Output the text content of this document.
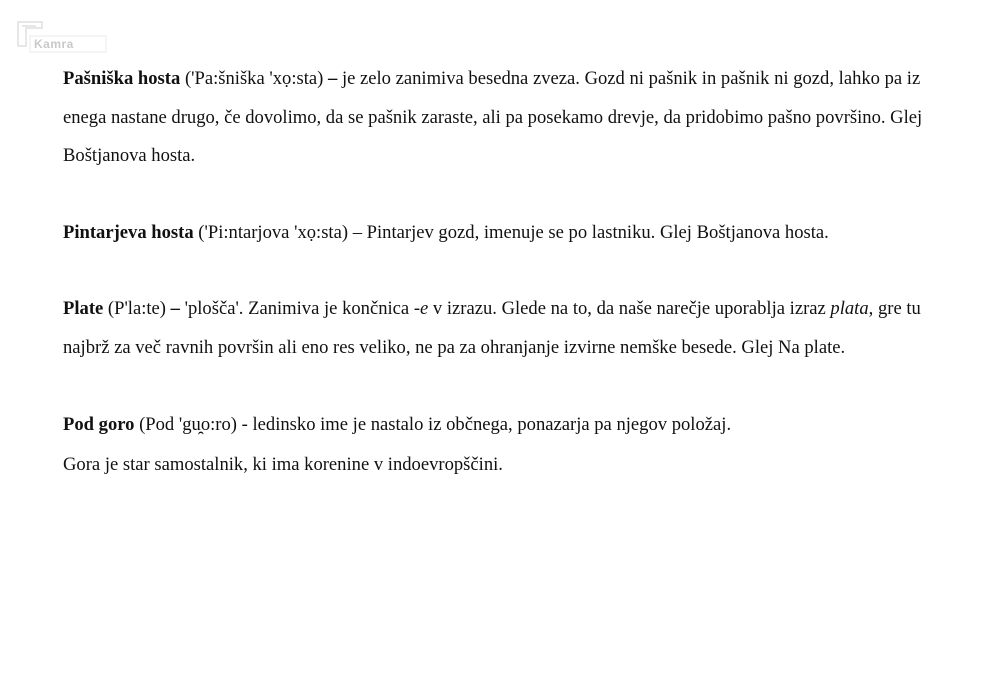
Kamra

Pašniška hosta ('Pa:šniška 'xọ:sta) – je zelo zanimiva besedna zveza. Gozd ni pašnik in pašnik ni gozd, lahko pa iz enega nastane drugo, če dovolimo, da se pašnik zaraste, ali pa posekamo drevje, da pridobimo pašno površino. Glej Boštjanova hosta.

Pintarjeva hosta ('Pi:ntarjova 'xọ:sta) – Pintarjev gozd, imenuje se po lastniku. Glej Boštjanova hosta.

Plate (P'la:te) – 'plošča'. Zanimiva je končnica -e v izrazu. Glede na to, da naše narečje uporablja izraz plata, gre tu najbrž za več ravnih površin ali eno res veliko, ne pa za ohranjanje izvirne nemške besede. Glej Na plate.

Pod goro (Pod 'gu̯o:ro) - ledinsko ime je nastalo iz občnega, ponazarja pa njegov položaj.
Gora je star samostalnik, ki ima korenine v indoevropščini.
